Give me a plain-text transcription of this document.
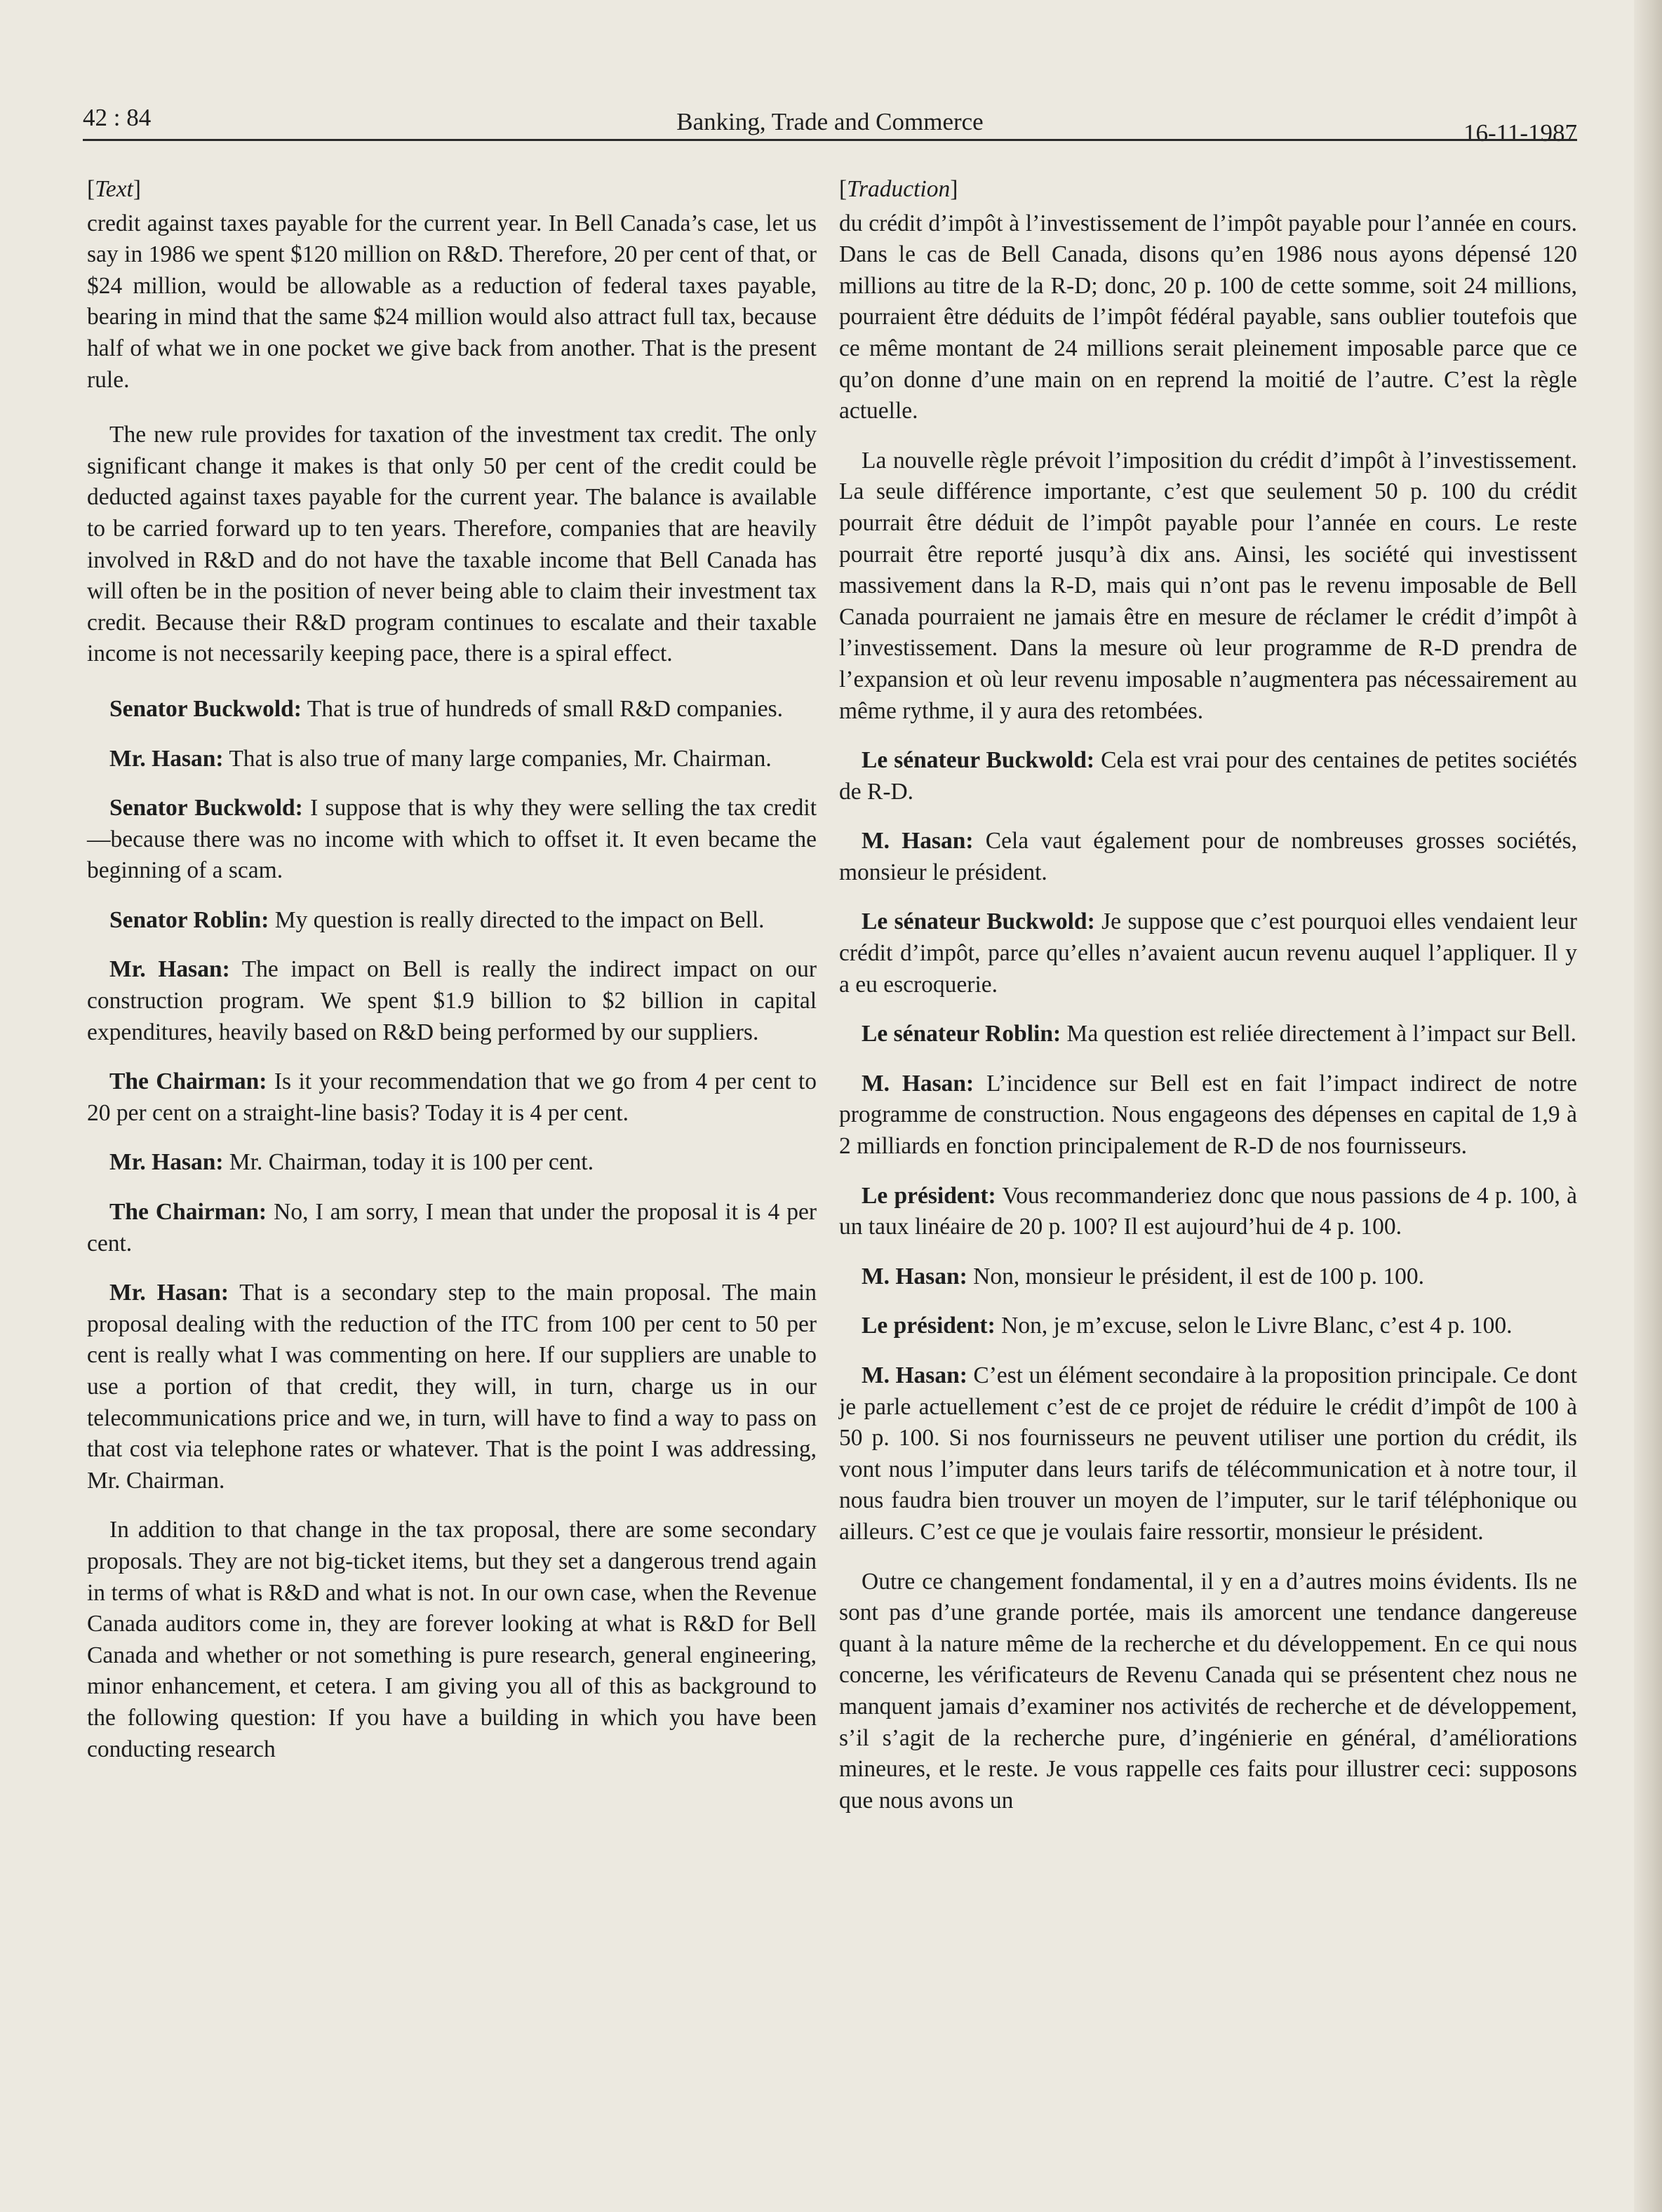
42 : 84	Banking, Trade and Commerce	16-11-1987

[Text]

credit against taxes payable for the current year. In Bell Canada’s case, let us say in 1986 we spent $120 million on R&D. Therefore, 20 per cent of that, or $24 million, would be allowable as a reduction of federal taxes payable, bearing in mind that the same $24 million would also attract full tax, because half of what we in one pocket we give back from another. That is the present rule.

The new rule provides for taxation of the investment tax credit. The only significant change it makes is that only 50 per cent of the credit could be deducted against taxes payable for the current year. The balance is available to be carried forward up to ten years. Therefore, companies that are heavily involved in R&D and do not have the taxable income that Bell Canada has will often be in the position of never being able to claim their investment tax credit. Because their R&D program continues to escalate and their taxable income is not necessarily keeping pace, there is a spiral effect.

Senator Buckwold: That is true of hundreds of small R&D companies.

Mr. Hasan: That is also true of many large companies, Mr. Chairman.

Senator Buckwold: I suppose that is why they were selling the tax credit—because there was no income with which to offset it. It even became the beginning of a scam.

Senator Roblin: My question is really directed to the impact on Bell.

Mr. Hasan: The impact on Bell is really the indirect impact on our construction program. We spent $1.9 billion to $2 billion in capital expenditures, heavily based on R&D being performed by our suppliers.

The Chairman: Is it your recommendation that we go from 4 per cent to 20 per cent on a straight-line basis? Today it is 4 per cent.

Mr. Hasan: Mr. Chairman, today it is 100 per cent.

The Chairman: No, I am sorry, I mean that under the proposal it is 4 per cent.

Mr. Hasan: That is a secondary step to the main proposal. The main proposal dealing with the reduction of the ITC from 100 per cent to 50 per cent is really what I was commenting on here. If our suppliers are unable to use a portion of that credit, they will, in turn, charge us in our telecommunications price and we, in turn, will have to find a way to pass on that cost via telephone rates or whatever. That is the point I was addressing, Mr. Chairman.

In addition to that change in the tax proposal, there are some secondary proposals. They are not big-ticket items, but they set a dangerous trend again in terms of what is R&D and what is not. In our own case, when the Revenue Canada auditors come in, they are forever looking at what is R&D for Bell Canada and whether or not something is pure research, general engineering, minor enhancement, et cetera. I am giving you all of this as background to the following question: If you have a building in which you have been conducting research

[Traduction]

du crédit d’impôt à l’investissement de l’impôt payable pour l’année en cours. Dans le cas de Bell Canada, disons qu’en 1986 nous ayons dépensé 120 millions au titre de la R-D; donc, 20 p. 100 de cette somme, soit 24 millions, pourraient être déduits de l’impôt fédéral payable, sans oublier toutefois que ce même montant de 24 millions serait pleinement imposable parce que ce qu’on donne d’une main on en reprend la moitié de l’autre. C’est la règle actuelle.

La nouvelle règle prévoit l’imposition du crédit d’impôt à l’investissement. La seule différence importante, c’est que seulement 50 p. 100 du crédit pourrait être déduit de l’impôt payable pour l’année en cours. Le reste pourrait être reporté jusqu’à dix ans. Ainsi, les société qui investissent massivement dans la R-D, mais qui n’ont pas le revenu imposable de Bell Canada pourraient ne jamais être en mesure de réclamer le crédit d’impôt à l’investissement. Dans la mesure où leur programme de R-D prendra de l’expansion et où leur revenu imposable n’augmentera pas nécessairement au même rythme, il y aura des retombées.

Le sénateur Buckwold: Cela est vrai pour des centaines de petites sociétés de R-D.

M. Hasan: Cela vaut également pour de nombreuses grosses sociétés, monsieur le président.

Le sénateur Buckwold: Je suppose que c’est pourquoi elles vendaient leur crédit d’impôt, parce qu’elles n’avaient aucun revenu auquel l’appliquer. Il y a eu escroquerie.

Le sénateur Roblin: Ma question est reliée directement à l’impact sur Bell.

M. Hasan: L’incidence sur Bell est en fait l’impact indirect de notre programme de construction. Nous engageons des dépenses en capital de 1,9 à 2 milliards en fonction principalement de R-D de nos fournisseurs.

Le président: Vous recommanderiez donc que nous passions de 4 p. 100, à un taux linéaire de 20 p. 100? Il est aujourd’hui de 4 p. 100.

M. Hasan: Non, monsieur le président, il est de 100 p. 100.

Le président: Non, je m’excuse, selon le Livre Blanc, c’est 4 p. 100.

M. Hasan: C’est un élément secondaire à la proposition principale. Ce dont je parle actuellement c’est de ce projet de réduire le crédit d’impôt de 100 à 50 p. 100. Si nos fournisseurs ne peuvent utiliser une portion du crédit, ils vont nous l’imputer dans leurs tarifs de télécommunication et à notre tour, il nous faudra bien trouver un moyen de l’imputer, sur le tarif téléphonique ou ailleurs. C’est ce que je voulais faire ressortir, monsieur le président.

Outre ce changement fondamental, il y en a d’autres moins évidents. Ils ne sont pas d’une grande portée, mais ils amorcent une tendance dangereuse quant à la nature même de la recherche et du développement. En ce qui nous concerne, les vérificateurs de Revenu Canada qui se présentent chez nous ne manquent jamais d’examiner nos activités de recherche et de développement, s’il s’agit de la recherche pure, d’ingénierie en général, d’améliorations mineures, et le reste. Je vous rappelle ces faits pour illustrer ceci: supposons que nous avons un
